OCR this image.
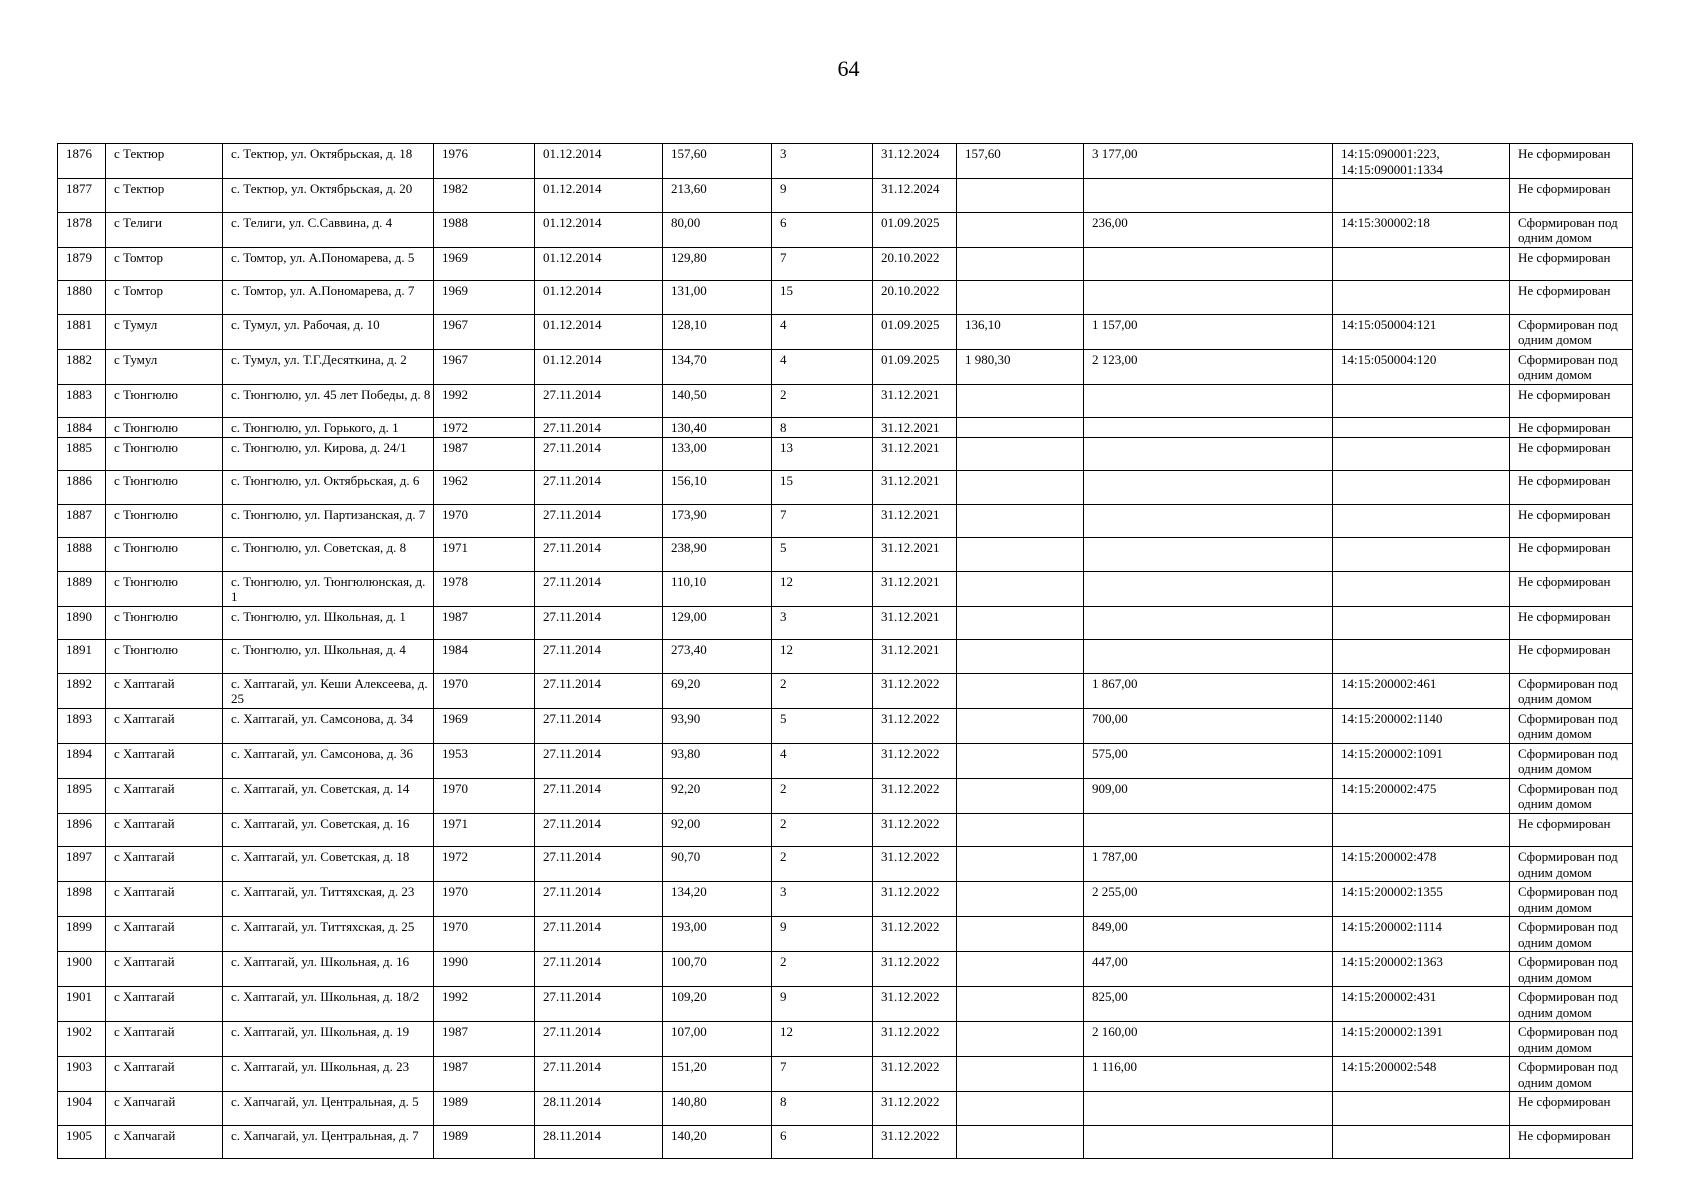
64
1876	с Тектюр	с. Тектюр, ул. Октябрьская, д. 18	1976	01.12.2014	157,60	3	31.12.2024	157,60	3 177,00	14:15:090001:223, 14:15:090001:1334	Не сформирован
1877	с Тектюр	с. Тектюр, ул. Октябрьская, д. 20	1982	01.12.2014	213,60	9	31.12.2024				Не сформирован
1878	с Телиги	с. Телиги, ул. С.Саввина, д. 4	1988	01.12.2014	80,00	6	01.09.2025		236,00	14:15:300002:18	Сформирован под одним домом
1879	с Томтор	с. Томтор, ул. А.Пономарева, д. 5	1969	01.12.2014	129,80	7	20.10.2022				Не сформирован
1880	с Томтор	с. Томтор, ул. А.Пономарева, д. 7	1969	01.12.2014	131,00	15	20.10.2022				Не сформирован
1881	с Тумул	с. Тумул, ул. Рабочая, д. 10	1967	01.12.2014	128,10	4	01.09.2025	136,10	1 157,00	14:15:050004:121	Сформирован под одним домом
1882	с Тумул	с. Тумул, ул. Т.Г.Десяткина, д. 2	1967	01.12.2014	134,70	4	01.09.2025	1 980,30	2 123,00	14:15:050004:120	Сформирован под одним домом
1883	с Тюнгюлю	с. Тюнгюлю, ул. 45 лет Победы, д. 8	1992	27.11.2014	140,50	2	31.12.2021				Не сформирован
1884	с Тюнгюлю	с. Тюнгюлю, ул. Горького, д. 1	1972	27.11.2014	130,40	8	31.12.2021				Не сформирован
1885	с Тюнгюлю	с. Тюнгюлю, ул. Кирова, д. 24/1	1987	27.11.2014	133,00	13	31.12.2021				Не сформирован
1886	с Тюнгюлю	с. Тюнгюлю, ул. Октябрьская, д. 6	1962	27.11.2014	156,10	15	31.12.2021				Не сформирован
1887	с Тюнгюлю	с. Тюнгюлю, ул. Партизанская, д. 7	1970	27.11.2014	173,90	7	31.12.2021				Не сформирован
1888	с Тюнгюлю	с. Тюнгюлю, ул. Советская, д. 8	1971	27.11.2014	238,90	5	31.12.2021				Не сформирован
1889	с Тюнгюлю	с. Тюнгюлю, ул. Тюнгюлюнская, д. 1	1978	27.11.2014	110,10	12	31.12.2021				Не сформирован
1890	с Тюнгюлю	с. Тюнгюлю, ул. Школьная, д. 1	1987	27.11.2014	129,00	3	31.12.2021				Не сформирован
1891	с Тюнгюлю	с. Тюнгюлю, ул. Школьная, д. 4	1984	27.11.2014	273,40	12	31.12.2021				Не сформирован
1892	с Хаптагай	с. Хаптагай, ул. Кеши Алексеева, д. 25	1970	27.11.2014	69,20	2	31.12.2022		1 867,00	14:15:200002:461	Сформирован под одним домом
1893	с Хаптагай	с. Хаптагай, ул. Самсонова, д. 34	1969	27.11.2014	93,90	5	31.12.2022		700,00	14:15:200002:1140	Сформирован под одним домом
1894	с Хаптагай	с. Хаптагай, ул. Самсонова, д. 36	1953	27.11.2014	93,80	4	31.12.2022		575,00	14:15:200002:1091	Сформирован под одним домом
1895	с Хаптагай	с. Хаптагай, ул. Советская, д. 14	1970	27.11.2014	92,20	2	31.12.2022		909,00	14:15:200002:475	Сформирован под одним домом
1896	с Хаптагай	с. Хаптагай, ул. Советская, д. 16	1971	27.11.2014	92,00	2	31.12.2022				Не сформирован
1897	с Хаптагай	с. Хаптагай, ул. Советская, д. 18	1972	27.11.2014	90,70	2	31.12.2022		1 787,00	14:15:200002:478	Сформирован под одним домом
1898	с Хаптагай	с. Хаптагай, ул. Титтяхская, д. 23	1970	27.11.2014	134,20	3	31.12.2022		2 255,00	14:15:200002:1355	Сформирован под одним домом
1899	с Хаптагай	с. Хаптагай, ул. Титтяхская, д. 25	1970	27.11.2014	193,00	9	31.12.2022		849,00	14:15:200002:1114	Сформирован под одним домом
1900	с Хаптагай	с. Хаптагай, ул. Школьная, д. 16	1990	27.11.2014	100,70	2	31.12.2022		447,00	14:15:200002:1363	Сформирован под одним домом
1901	с Хаптагай	с. Хаптагай, ул. Школьная, д. 18/2	1992	27.11.2014	109,20	9	31.12.2022		825,00	14:15:200002:431	Сформирован под одним домом
1902	с Хаптагай	с. Хаптагай, ул. Школьная, д. 19	1987	27.11.2014	107,00	12	31.12.2022		2 160,00	14:15:200002:1391	Сформирован под одним домом
1903	с Хаптагай	с. Хаптагай, ул. Школьная, д. 23	1987	27.11.2014	151,20	7	31.12.2022		1 116,00	14:15:200002:548	Сформирован под одним домом
1904	с Хапчагай	с. Хапчагай, ул. Центральная, д. 5	1989	28.11.2014	140,80	8	31.12.2022				Не сформирован
1905	с Хапчагай	с. Хапчагай, ул. Центральная, д. 7	1989	28.11.2014	140,20	6	31.12.2022				Не сформирован
